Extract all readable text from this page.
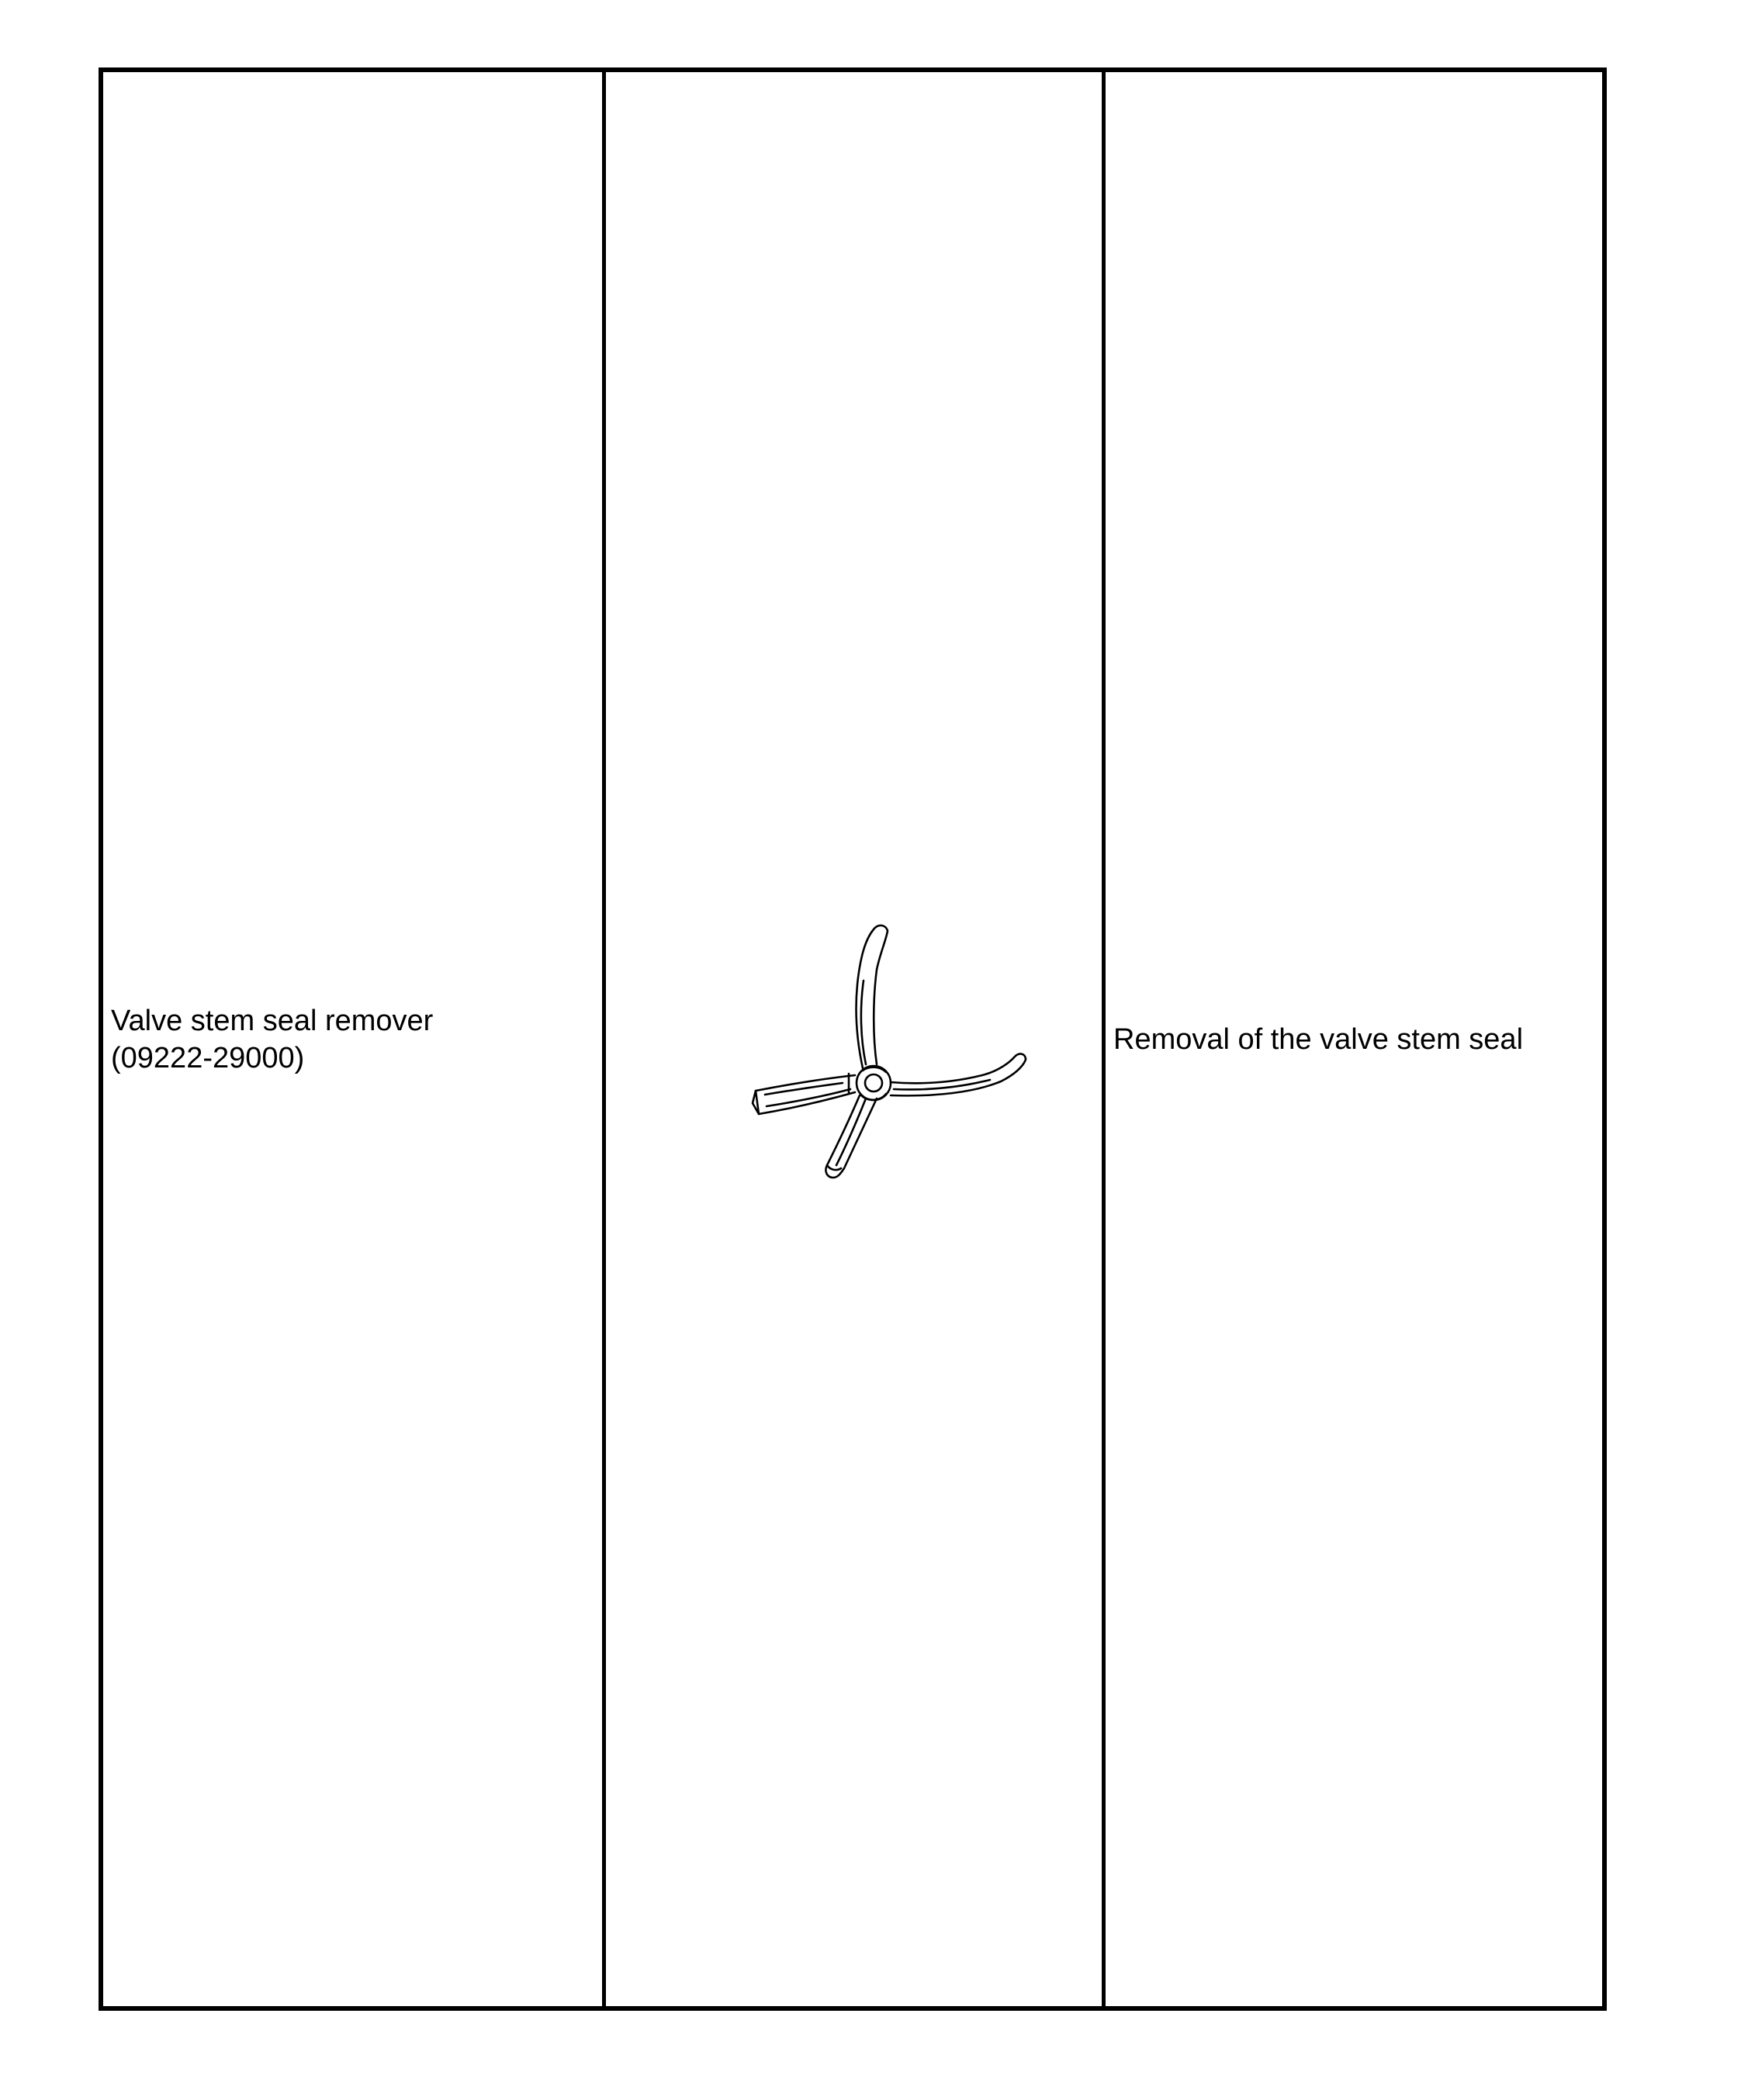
Valve stem seal remover
(09222-29000)
Removal of the valve stem seal
